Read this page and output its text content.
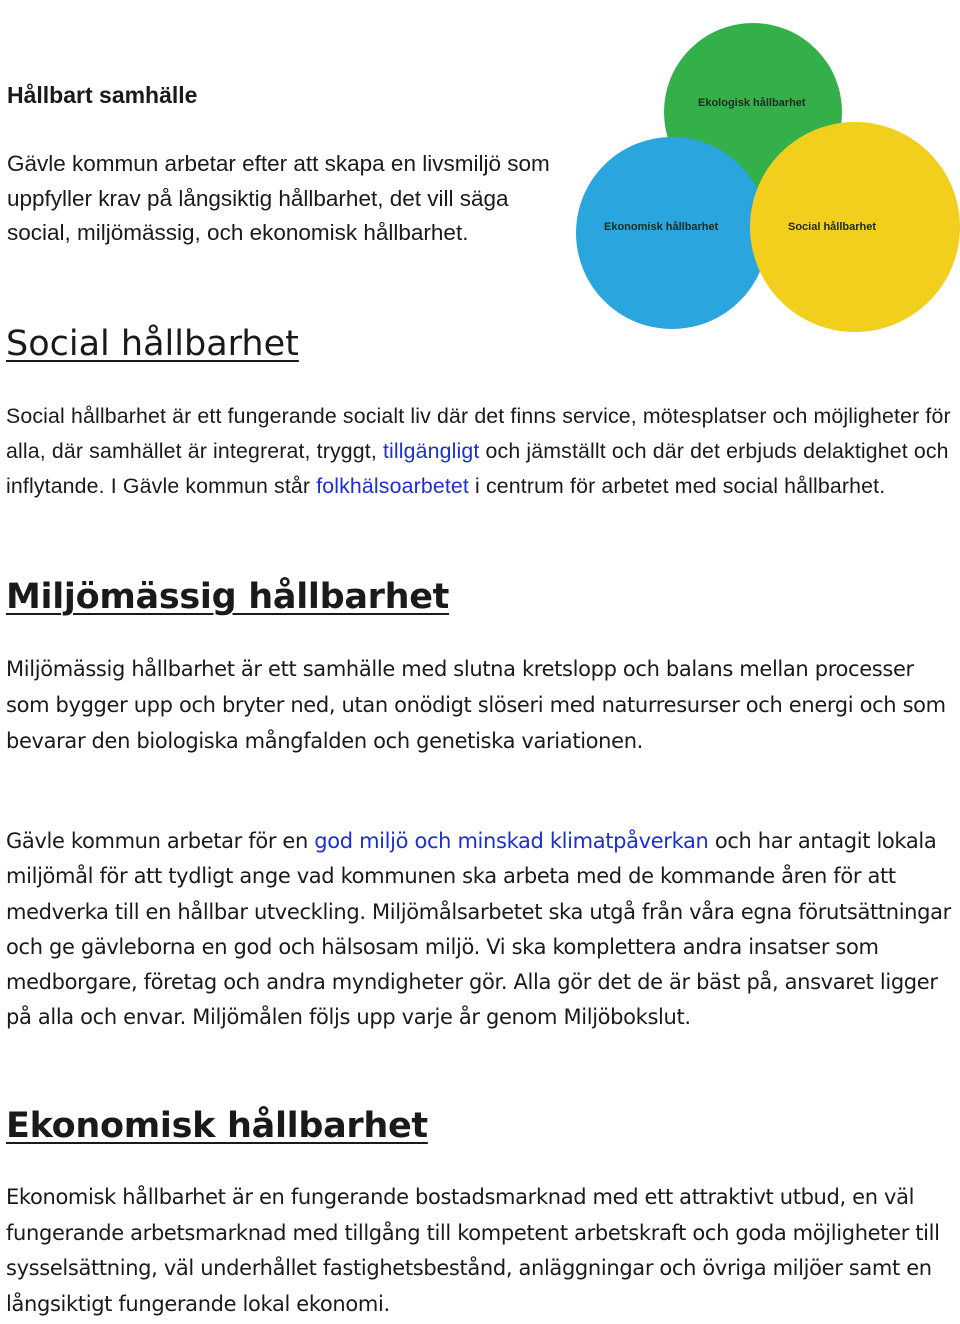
Hållbart samhälle

Gävle kommun arbetar efter att skapa en livsmiljö som uppfyller krav på långsiktig hållbarhet, det vill säga social, miljömässig, och ekonomisk hållbarhet.

Ekologisk hållbarhet
Ekonomisk hållbarhet	Social hållbarhet
Social hållbarhet

Social hållbarhet är ett fungerande socialt liv där det finns service, mötesplatser och möjligheter för alla, där samhället är integrerat, tryggt, tillgängligt och jämställt och där det erbjuds delaktighet och inflytande. I Gävle kommun står folkhälsoarbetet i centrum för arbetet med social hållbarhet.

Miljömässig hållbarhet

Miljömässig hållbarhet är ett samhälle med slutna kretslopp och balans mellan processer som bygger upp och bryter ned, utan onödigt slöseri med naturresurser och energi och som bevarar den biologiska mångfalden och genetiska variationen.

Gävle kommun arbetar för en god miljö och minskad klimatpåverkan och har antagit lokala miljömål för att tydligt ange vad kommunen ska arbeta med de kommande åren för att medverka till en hållbar utveckling. Miljömålsarbetet ska utgå från våra egna förutsättningar och ge gävleborna en god och hälsosam miljö. Vi ska komplettera andra insatser som medborgare, företag och andra myndigheter gör. Alla gör det de är bäst på, ansvaret ligger på alla och envar. Miljömålen följs upp varje år genom Miljöbokslut.

Ekonomisk hållbarhet

Ekonomisk hållbarhet är en fungerande bostadsmarknad med ett attraktivt utbud, en väl fungerande arbetsmarknad med tillgång till kompetent arbetskraft och goda möjligheter till sysselsättning, väl underhållet fastighetsbestånd, anläggningar och övriga miljöer samt en långsiktigt fungerande lokal ekonomi.
